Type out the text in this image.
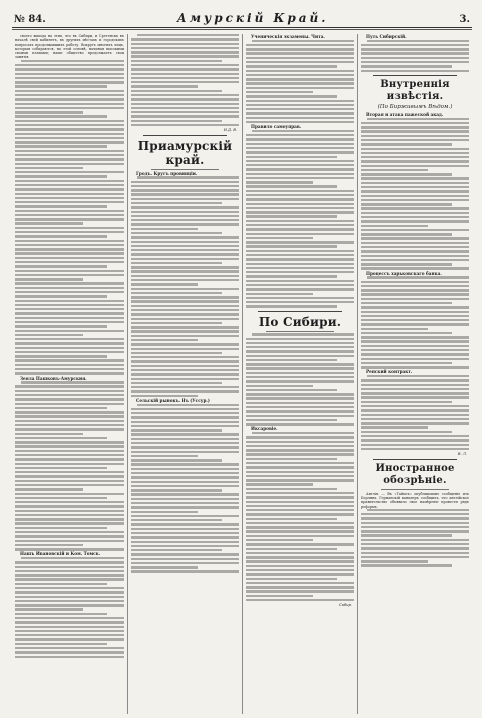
№ 84.	Амурскій Край.	3.

своего выхода на этих, что въ Сибири, и Сретенскъ въ началѣ свей кабинетъ, въ другихъ мѣстахъ и городскихъ вопросахъ продолжавшихъ работу. Вокругъ многихъ лицъ, которыя собираются, на этой основѣ, начиная высокими своими планами; наше общество продолжаетъ свои занятія.

Зеяла Пашковъ-Амурския.

Нашъ Ивановскій и Ком. Томск.

Н.Д. В.
Приамурскій край.

Гродъ. Кругъ провинціи.

Сельскій рынокъ. Нъ (Уссур.)

Ученическія экзамены. Чита.

Правило самоуправ.

По Сибири.

Иксаровіе.

Сибир.

Путь Сибирскій.

Внутреннія извѣстія.
(По Бирживымъ Вѣдом.)

Вторая и атака пажеской акад.

Процессъ харьковскаго банка.

Ренский контракт.

В. Л.
Иностранное обозрѣніе.

Англія. — Въ «Таймсъ» опубликовано сообщеніе изъ Берлина. Германскій канцлеръ сообщилъ, что англійское правительство объявило свое намѣреніе провести рядъ реформъ.
